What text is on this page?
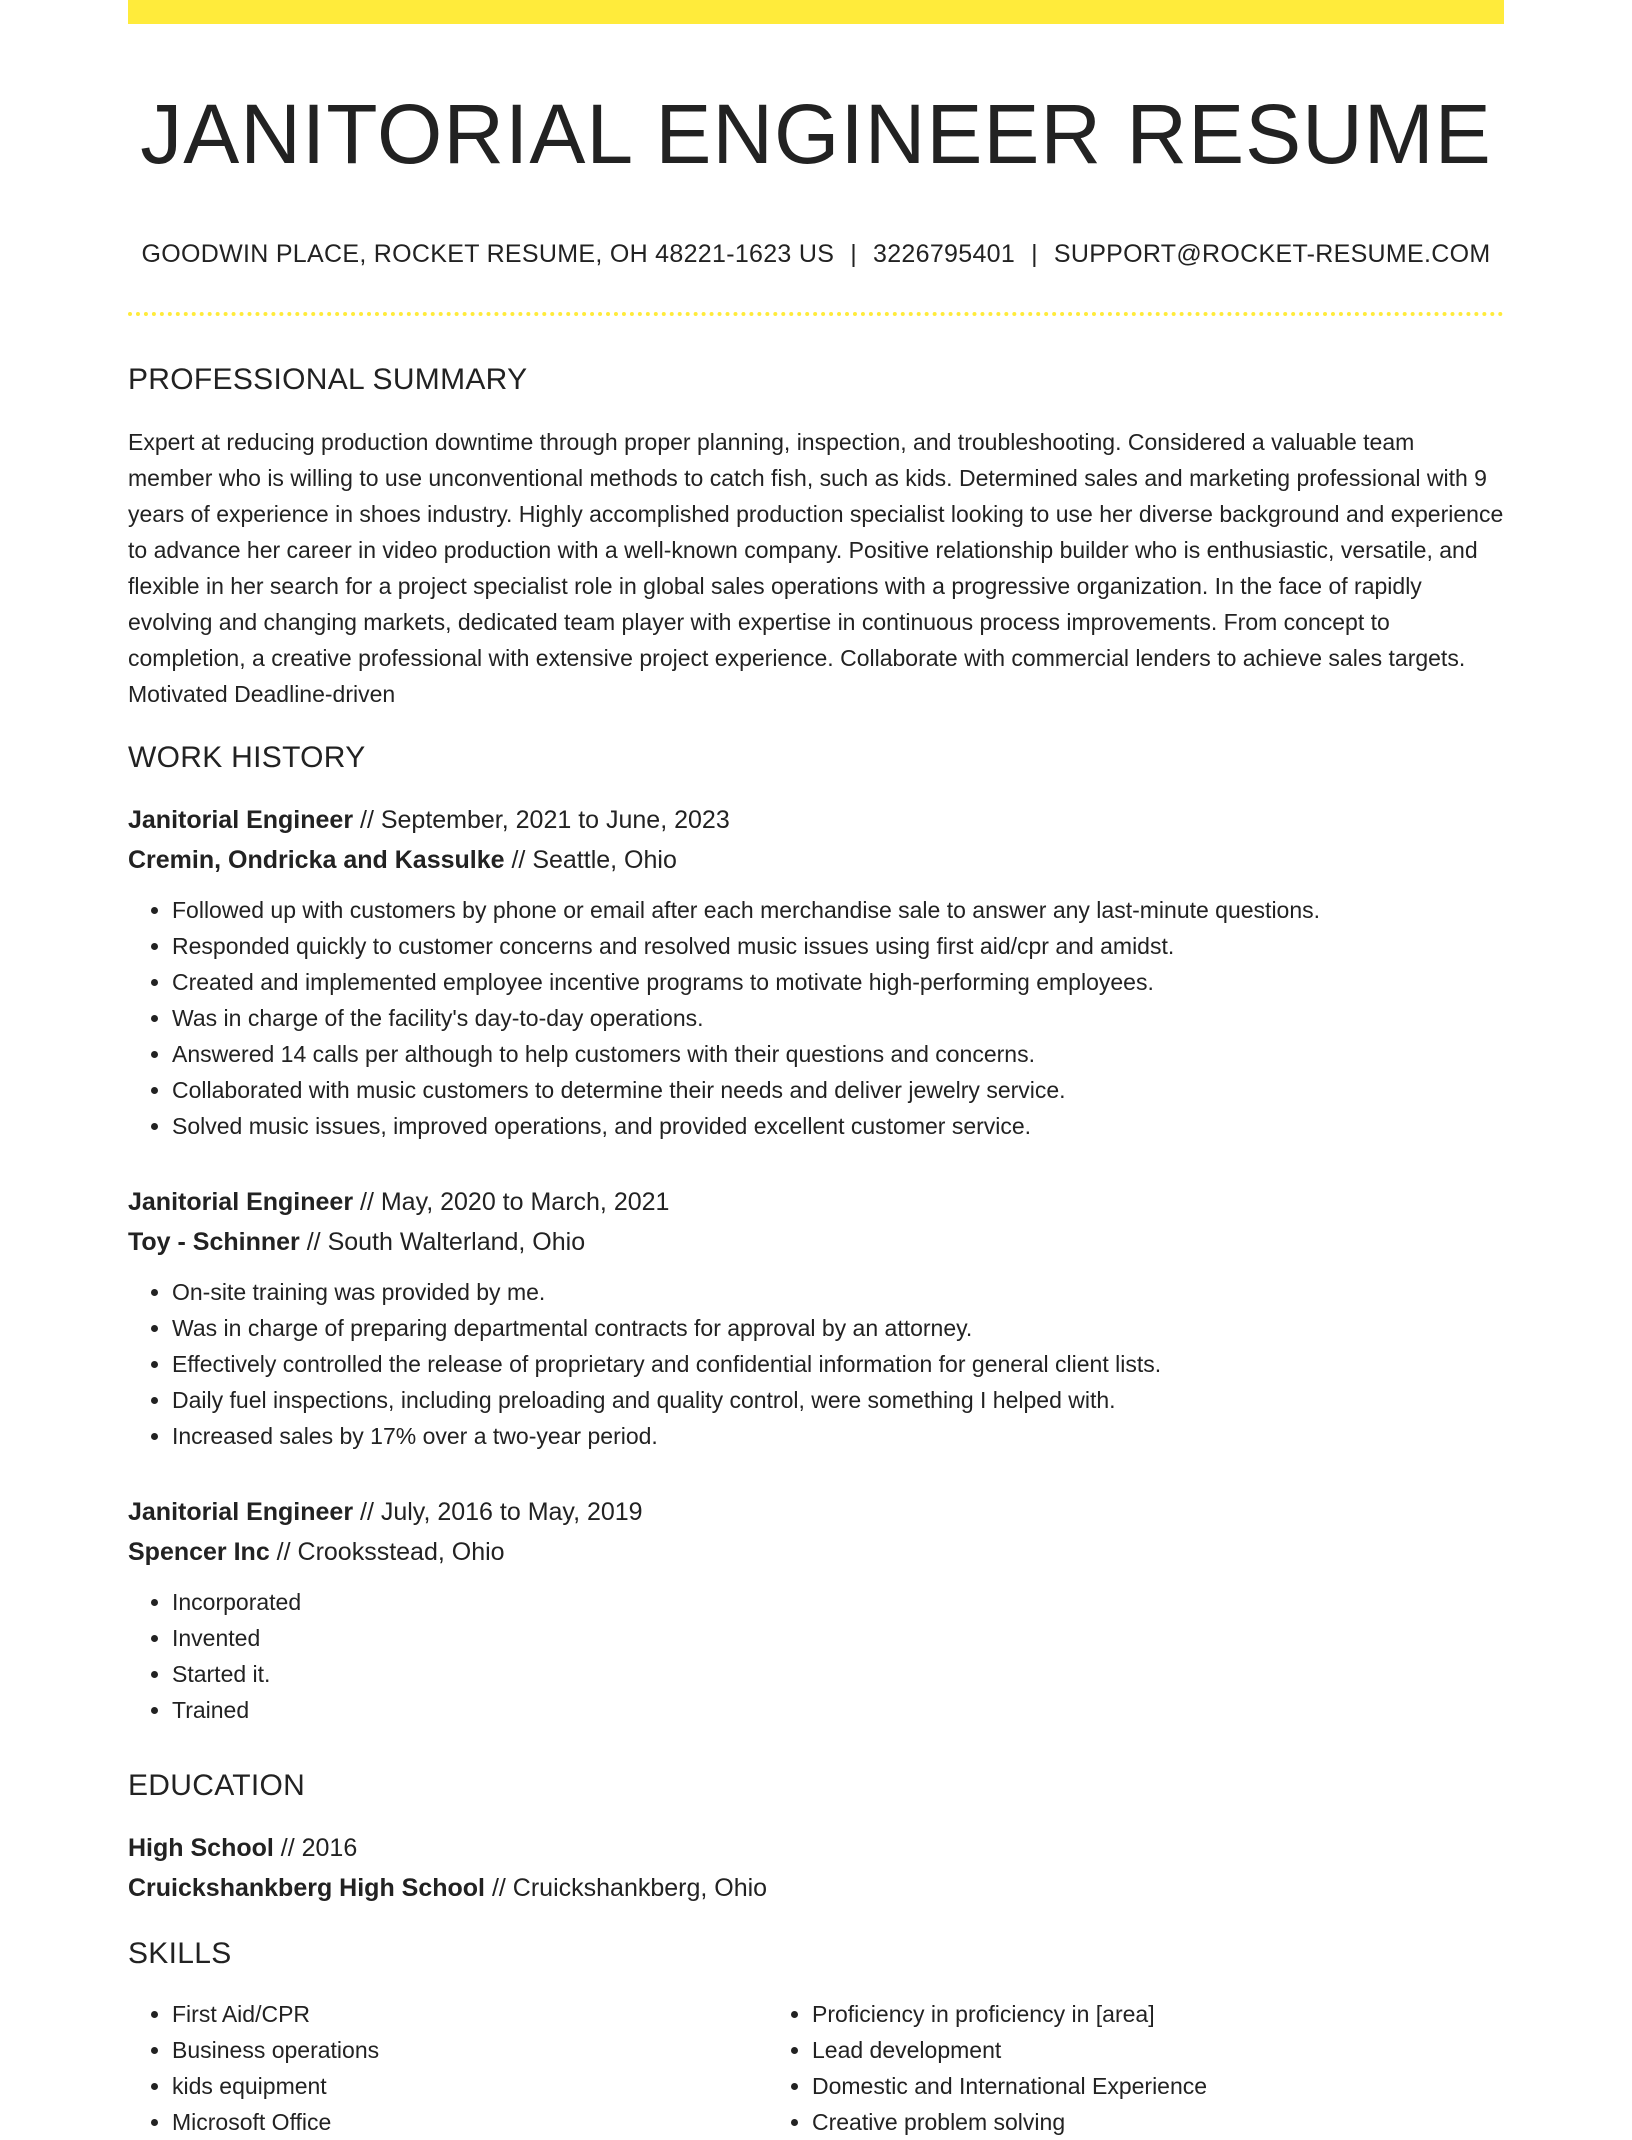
JANITORIAL ENGINEER RESUME
GOODWIN PLACE, ROCKET RESUME, OH 48221-1623 US | 3226795401 | SUPPORT@ROCKET-RESUME.COM
PROFESSIONAL SUMMARY

Expert at reducing production downtime through proper planning, inspection, and troubleshooting. Considered a valuable team member who is willing to use unconventional methods to catch fish, such as kids. Determined sales and marketing professional with 9 years of experience in shoes industry. Highly accomplished production specialist looking to use her diverse background and experience to advance her career in video production with a well-known company. Positive relationship builder who is enthusiastic, versatile, and flexible in her search for a project specialist role in global sales operations with a progressive organization. In the face of rapidly evolving and changing markets, dedicated team player with expertise in continuous process improvements. From concept to completion, a creative professional with extensive project experience. Collaborate with commercial lenders to achieve sales targets. Motivated Deadline-driven

WORK HISTORY
Janitorial Engineer // September, 2021 to June, 2023
Cremin, Ondricka and Kassulke // Seattle, Ohio
• Followed up with customers by phone or email after each merchandise sale to answer any last-minute questions.
• Responded quickly to customer concerns and resolved music issues using first aid/cpr and amidst.
• Created and implemented employee incentive programs to motivate high-performing employees.
• Was in charge of the facility's day-to-day operations.
• Answered 14 calls per although to help customers with their questions and concerns.
• Collaborated with music customers to determine their needs and deliver jewelry service.
• Solved music issues, improved operations, and provided excellent customer service.
Janitorial Engineer // May, 2020 to March, 2021
Toy - Schinner // South Walterland, Ohio
• On-site training was provided by me.
• Was in charge of preparing departmental contracts for approval by an attorney.
• Effectively controlled the release of proprietary and confidential information for general client lists.
• Daily fuel inspections, including preloading and quality control, were something I helped with.
• Increased sales by 17% over a two-year period.
Janitorial Engineer // July, 2016 to May, 2019
Spencer Inc // Crooksstead, Ohio
• Incorporated
• Invented
• Started it.
• Trained
EDUCATION
High School // 2016
Cruickshankberg High School // Cruickshankberg, Ohio
SKILLS
• First Aid/CPR
• Business operations
• kids equipment
• Microsoft Office
• Proficiency in proficiency in [area]
• Lead development
• Domestic and International Experience
• Creative problem solving
